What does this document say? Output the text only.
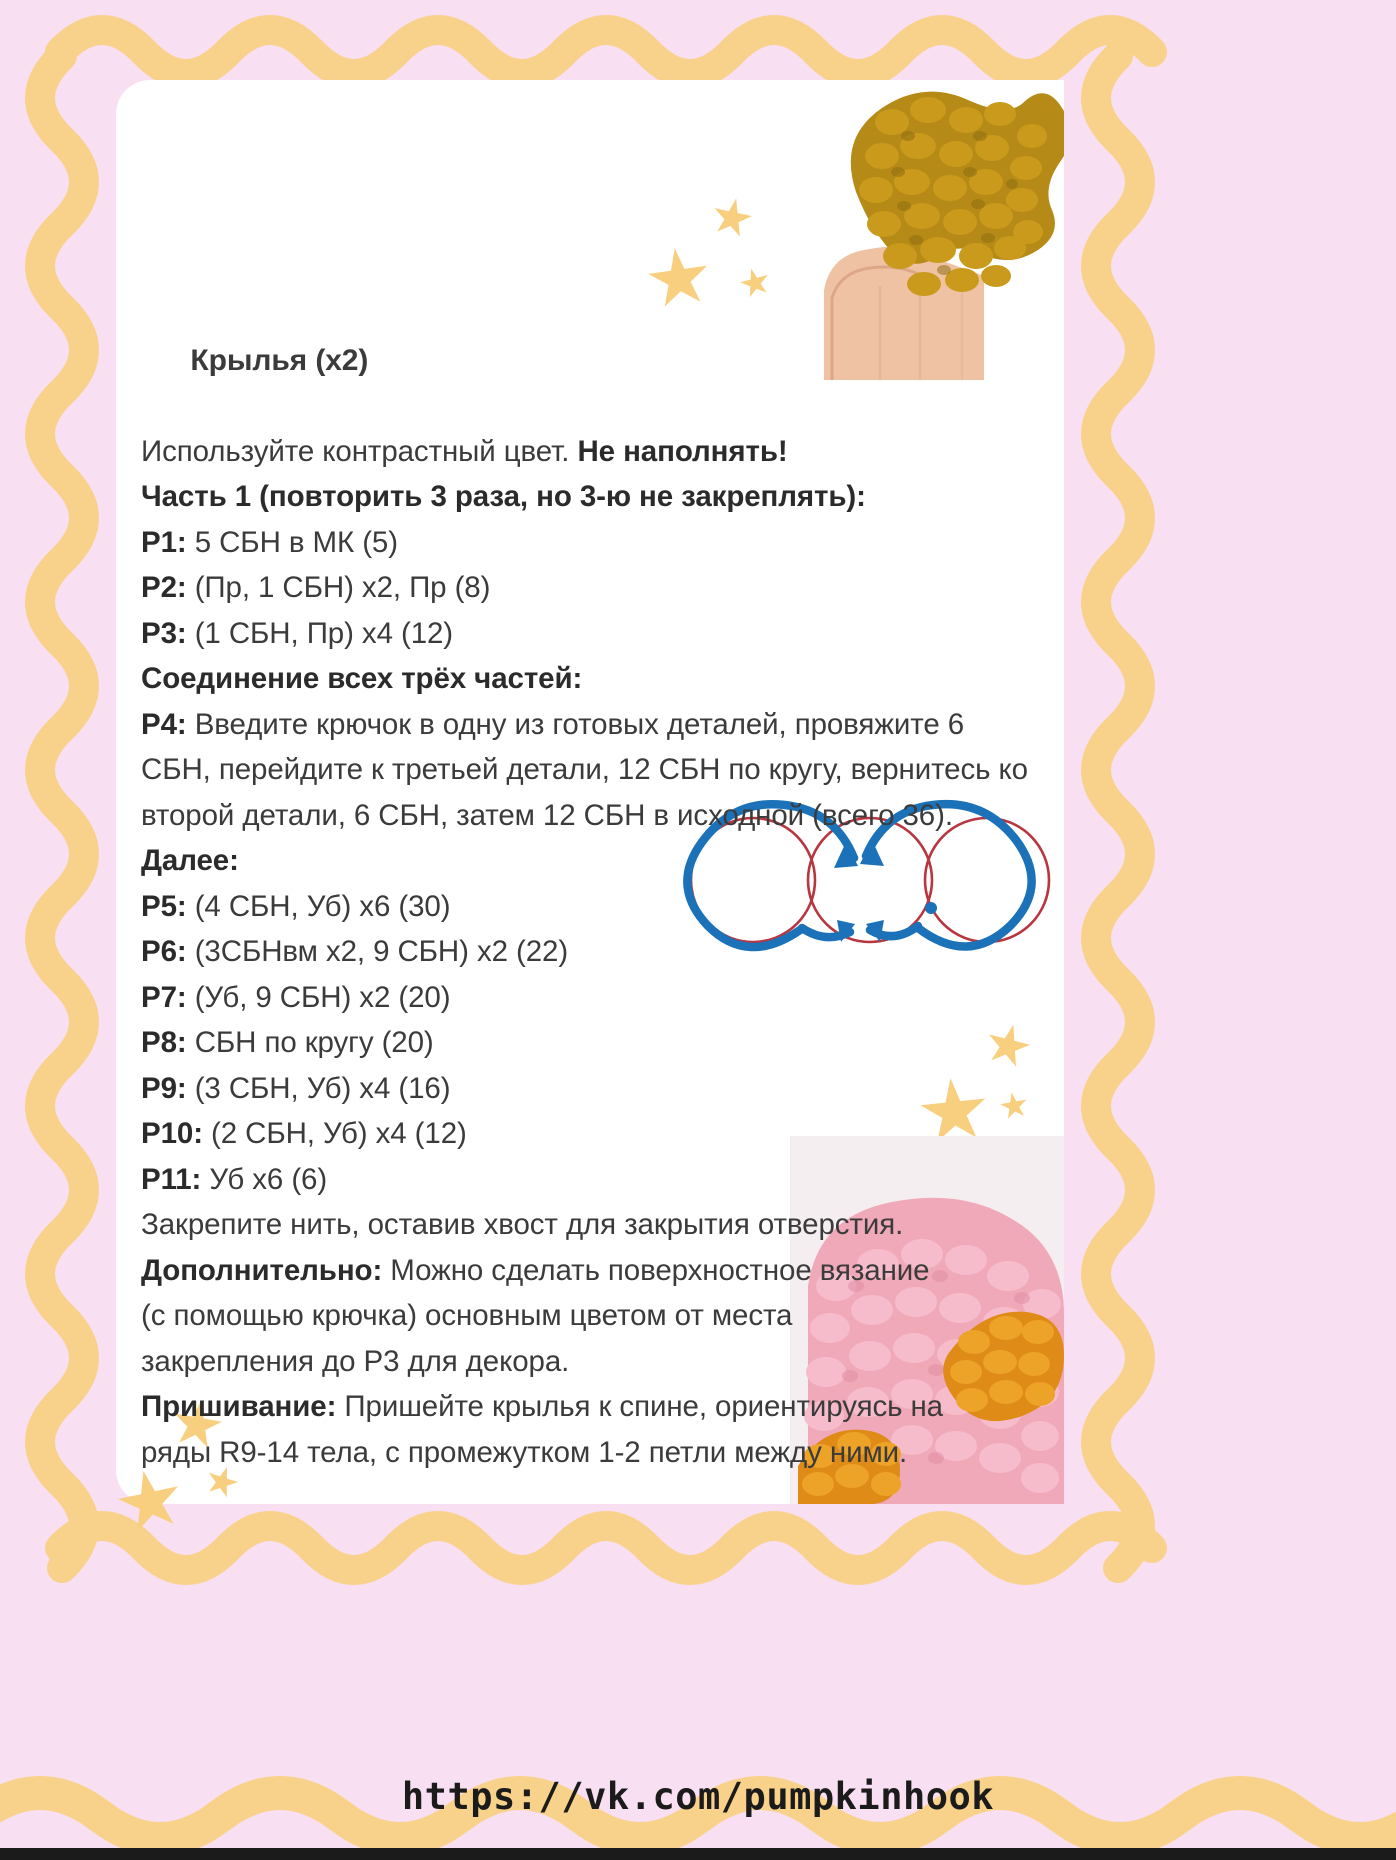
Крылья (x2)

Используйте контрастный цвет. Не наполнять!
Часть 1 (повторить 3 раза, но 3-ю не закреплять):
P1: 5 СБН в МК (5)
P2: (Пр, 1 СБН) x2, Пр (8)
P3: (1 СБН, Пр) x4 (12)
Соединение всех трёх частей:
P4: Введите крючок в одну из готовых деталей, провяжите 6 СБН, перейдите к третьей детали, 12 СБН по кругу, вернитесь ко второй детали, 6 СБН, затем 12 СБН в исходной (всего 36).
Далее:
P5: (4 СБН, Уб) x6 (30)
P6: (3СБНвм x2, 9 СБН) x2 (22)
P7: (Уб, 9 СБН) x2 (20)
P8: СБН по кругу (20)
P9: (3 СБН, Уб) x4 (16)
P10: (2 СБН, Уб) x4 (12)
P11: Уб x6 (6)
Закрепите нить, оставив хвост для закрытия отверстия.
Дополнительно: Можно сделать поверхностное вязание (с помощью крючка) основным цветом от места закрепления до P3 для декора.
Пришивание: Пришейте крылья к спине, ориентируясь на ряды R9-14 тела, с промежутком 1-2 петли между ними.
https://vk.com/pumpkinhook
